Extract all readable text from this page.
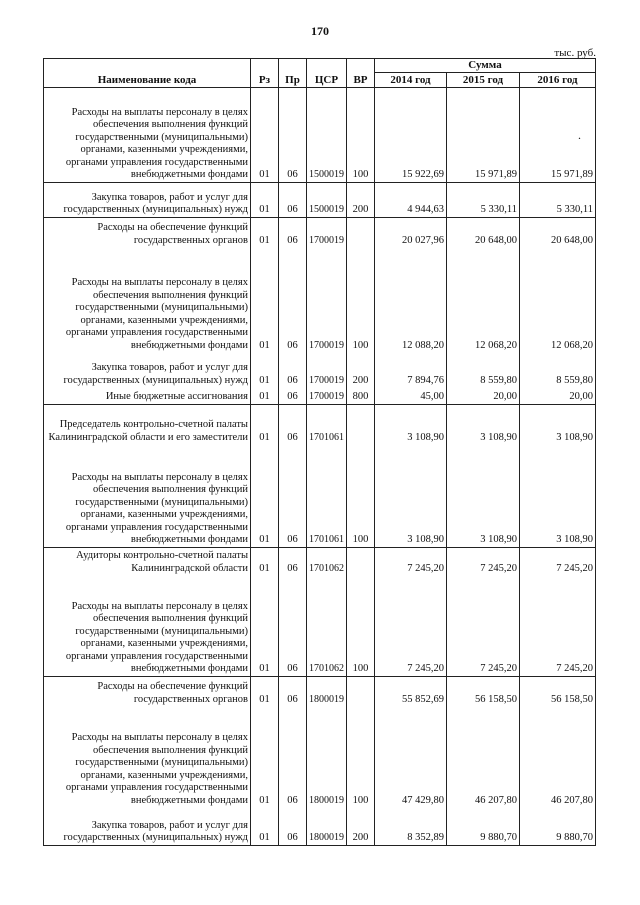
170
тыс. руб.
.
Наименование кода	Рз	Пр	ЦСР	ВР	Сумма		
					2014 год	2015 год	2016 год
Расходы на выплаты персоналу в целях обеспечения выполнения функций государственными (муниципальными) органами, казенными учреждениями, органами управления государственными внебюджетными фондами	01	06	1500019	100	15 922,69	15 971,89	15 971,89
Закупка товаров, работ и услуг для государственных (муниципальных) нужд	01	06	1500019	200	4 944,63	5 330,11	5 330,11
Расходы на обеспечение функций государственных органов	01	06	1700019		20 027,96	20 648,00	20 648,00
Расходы на выплаты персоналу в целях обеспечения выполнения функций государственными (муниципальными) органами, казенными учреждениями, органами управления государственными внебюджетными фондами	01	06	1700019	100	12 088,20	12 068,20	12 068,20
Закупка товаров, работ и услуг для государственных (муниципальных) нужд	01	06	1700019	200	7 894,76	8 559,80	8 559,80
Иные бюджетные ассигнования	01	06	1700019	800	45,00	20,00	20,00
Председатель контрольно-счетной палаты Калининградской области и его заместители	01	06	1701061		3 108,90	3 108,90	3 108,90
Расходы на выплаты персоналу в целях обеспечения выполнения функций государственными (муниципальными) органами, казенными учреждениями, органами управления государственными внебюджетными фондами	01	06	1701061	100	3 108,90	3 108,90	3 108,90
Аудиторы контрольно-счетной палаты Калининградской области	01	06	1701062		7 245,20	7 245,20	7 245,20
Расходы на выплаты персоналу в целях обеспечения выполнения функций государственными (муниципальными) органами, казенными учреждениями, органами управления государственными внебюджетными фондами	01	06	1701062	100	7 245,20	7 245,20	7 245,20
Расходы на обеспечение функций государственных органов	01	06	1800019		55 852,69	56 158,50	56 158,50
Расходы на выплаты персоналу в целях обеспечения выполнения функций государственными (муниципальными) органами, казенными учреждениями, органами управления государственными внебюджетными фондами	01	06	1800019	100	47 429,80	46 207,80	46 207,80
Закупка товаров, работ и услуг для государственных (муниципальных) нужд	01	06	1800019	200	8 352,89	9 880,70	9 880,70
